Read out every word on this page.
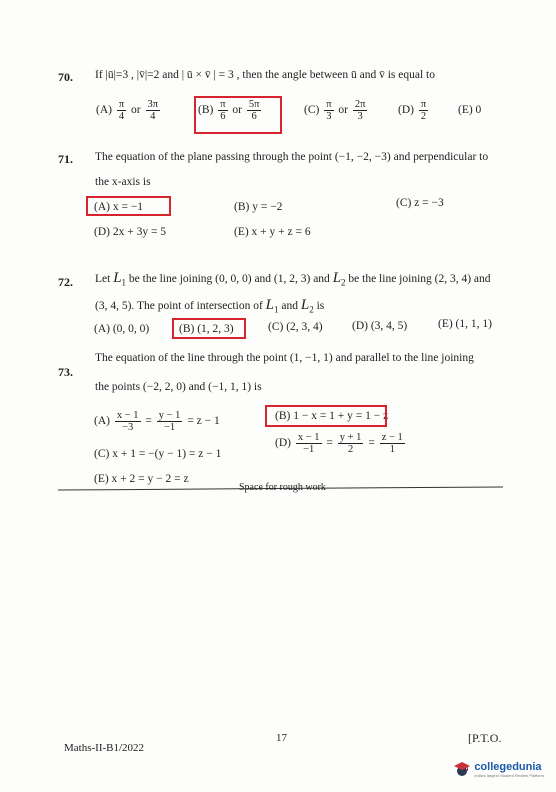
70. If |ū|=3 , |v̄|=2 and | ū × v̄ | = 3 , then the angle between ū and v̄ is equal to
$(A) \frac{\pi}{4}$ or $\frac{3\pi}{4}$	$(B) \frac{\pi}{6}$ or $\frac{5\pi}{6}$	$(C) \frac{\pi}{3}$ or $\frac{2\pi}{3}$	$(D) \frac{\pi}{2}$	(E) 0
71. The equation of the plane passing through the point (−1, −2, −3) and perpendicular to
the x-axis is
(A) x = −1	(B) y = −2	(C) z = −3
(D) 2x + 3y = 5	(E) x + y + z = 6
72. Let $L_1$ be the line joining (0, 0, 0) and (1, 2, 3) and $L_2$ be the line joining (2, 3, 4) and
(3, 4, 5). The point of intersection of $L_1$ and $L_2$ is
(A) (0, 0, 0)	(B) (1, 2, 3)	(C) (2, 3, 4)	(D) (3, 4, 5)	(E) (1, 1, 1)
73.
The equation of the line through the point (1, −1, 1) and parallel to the line joining
the points (−2, 2, 0) and (−1, 1, 1) is
$(A) \frac{x - 1}{-3} = \frac{y - 1}{-1} = z - 1$	(B) 1 − x = 1 + y = 1 − z
(C) x + 1 = −(y − 1) = z − 1
$(D) \frac{x - 1}{-1} = \frac{y + 1}{2} = \frac{z - 1}{1}$
(E) x + 2 = y − 2 = z
Space for rough work
Maths-II-B1/2022
17	[P.T.O.
collegedunia
India's largest Student Review Platform
